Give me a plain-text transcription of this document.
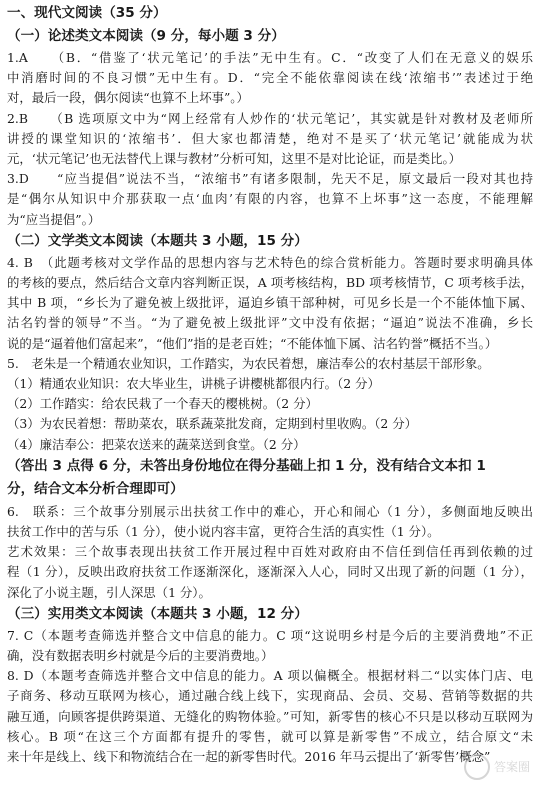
一、现代文阅读（35 分）
（一）论述类文本阅读（9 分，每小题 3 分）
1.A　　（B．“借鉴了‘状元笔记’的手法”无中生有。C．“改变了人们在无意义的娱乐
中消磨时间的不良习惯”无中生有。D．“完全不能依靠阅读在线‘浓缩书’”表述过于绝
对，最后一段，偶尔阅读“也算不上坏事”。）
2.B　　（B 选项原文中为“网上经常有人炒作的‘状元笔记’，其实就是针对教材及老师所
讲授的课堂知识的‘浓缩书’．但大家也都清楚，绝对不是买了‘状元笔记’就能成为状
元，‘状元笔记’也无法替代上课与教材”分析可知，这里不是对比论证，而是类比。）
3.D　　“应当提倡”说法不当，“浓缩书”有诸多限制，先天不足，原文最后一段对其也持
是“偶尔从知识中介那获取一点‘血肉’有限的内容，也算不上坏事”这一态度，不能理解
为“应当提倡”。）
（二）文学类文本阅读（本题共 3 小题，15 分）
4. B　（此题考核对文学作品的思想内容与艺术特色的综合赏析能力。答题时要求明确具体
的考核的要点，然后结合文章内容判断正误，A 项考核结构，BD 项考核情节，C 项考核手法，
其中 B 项，“乡长为了避免被上级批评，逼迫乡镇干部种树，可见乡长是一个不能体恤下属、
沽名钓誉的领导”不当。“为了避免被上级批评”文中没有依据；“逼迫”说法不准确，乡长
说的是“逼着他们富起来”，“他们”指的是老百姓；“不能体恤下属、沽名钓誉”概括不当。）
5.　老朱是一个精通农业知识，工作踏实，为农民着想，廉洁奉公的农村基层干部形象。
（1）精通农业知识：农大毕业生，讲桃子讲樱桃都很内行。（2 分）
（2）工作踏实：给农民栽了一个春天的樱桃树。（2 分）
（3）为农民着想：帮助菜农，联系蔬菜批发商，定期到村里收购。（2 分）
（4）廉洁奉公：把菜农送来的蔬菜送到食堂。（2 分）
（答出 3 点得 6 分，未答出身份地位在得分基础上扣 1 分，没有结合文本扣 1
分，结合文本分析合理即可）
6.　联系：三个故事分别展示出扶贫工作中的难心，开心和闹心（1 分），多侧面地反映出
扶贫工作中的苦与乐（1 分），使小说内容丰富，更符合生活的真实性（1 分）。
艺术效果：三个故事表现出扶贫工作开展过程中百姓对政府由不信任到信任再到依赖的过
程（1 分），反映出政府扶贫工作逐渐深化，逐渐深入人心，同时又出现了新的问题（1 分），
深化了小说主题，引人深思（1 分）。
（三）实用类文本阅读（本题共 3 小题，12 分）
7. C（本题考查筛选并整合文中信息的能力。C 项“这说明乡村是今后的主要消费地”不正
确，没有数据表明乡村就是今后的主要消费地。）
8. D（本题考查筛选并整合文中信息的能力。A 项以偏概全。根据材料二“以实体门店、电
子商务、移动互联网为核心，通过融合线上线下，实现商品、会员、交易、营销等数据的共
融互通，向顾客提供跨渠道、无缝化的购物体验。”可知，新零售的核心不只是以移动互联网为
核心。B 项“在这三个方面都有提升的零售，就可以算是新零售”不成立，结合原文“未
来十年是线上、线下和物流结合在一起的新零售时代。2016 年马云提出了‘新零售’概念”
答案圈
